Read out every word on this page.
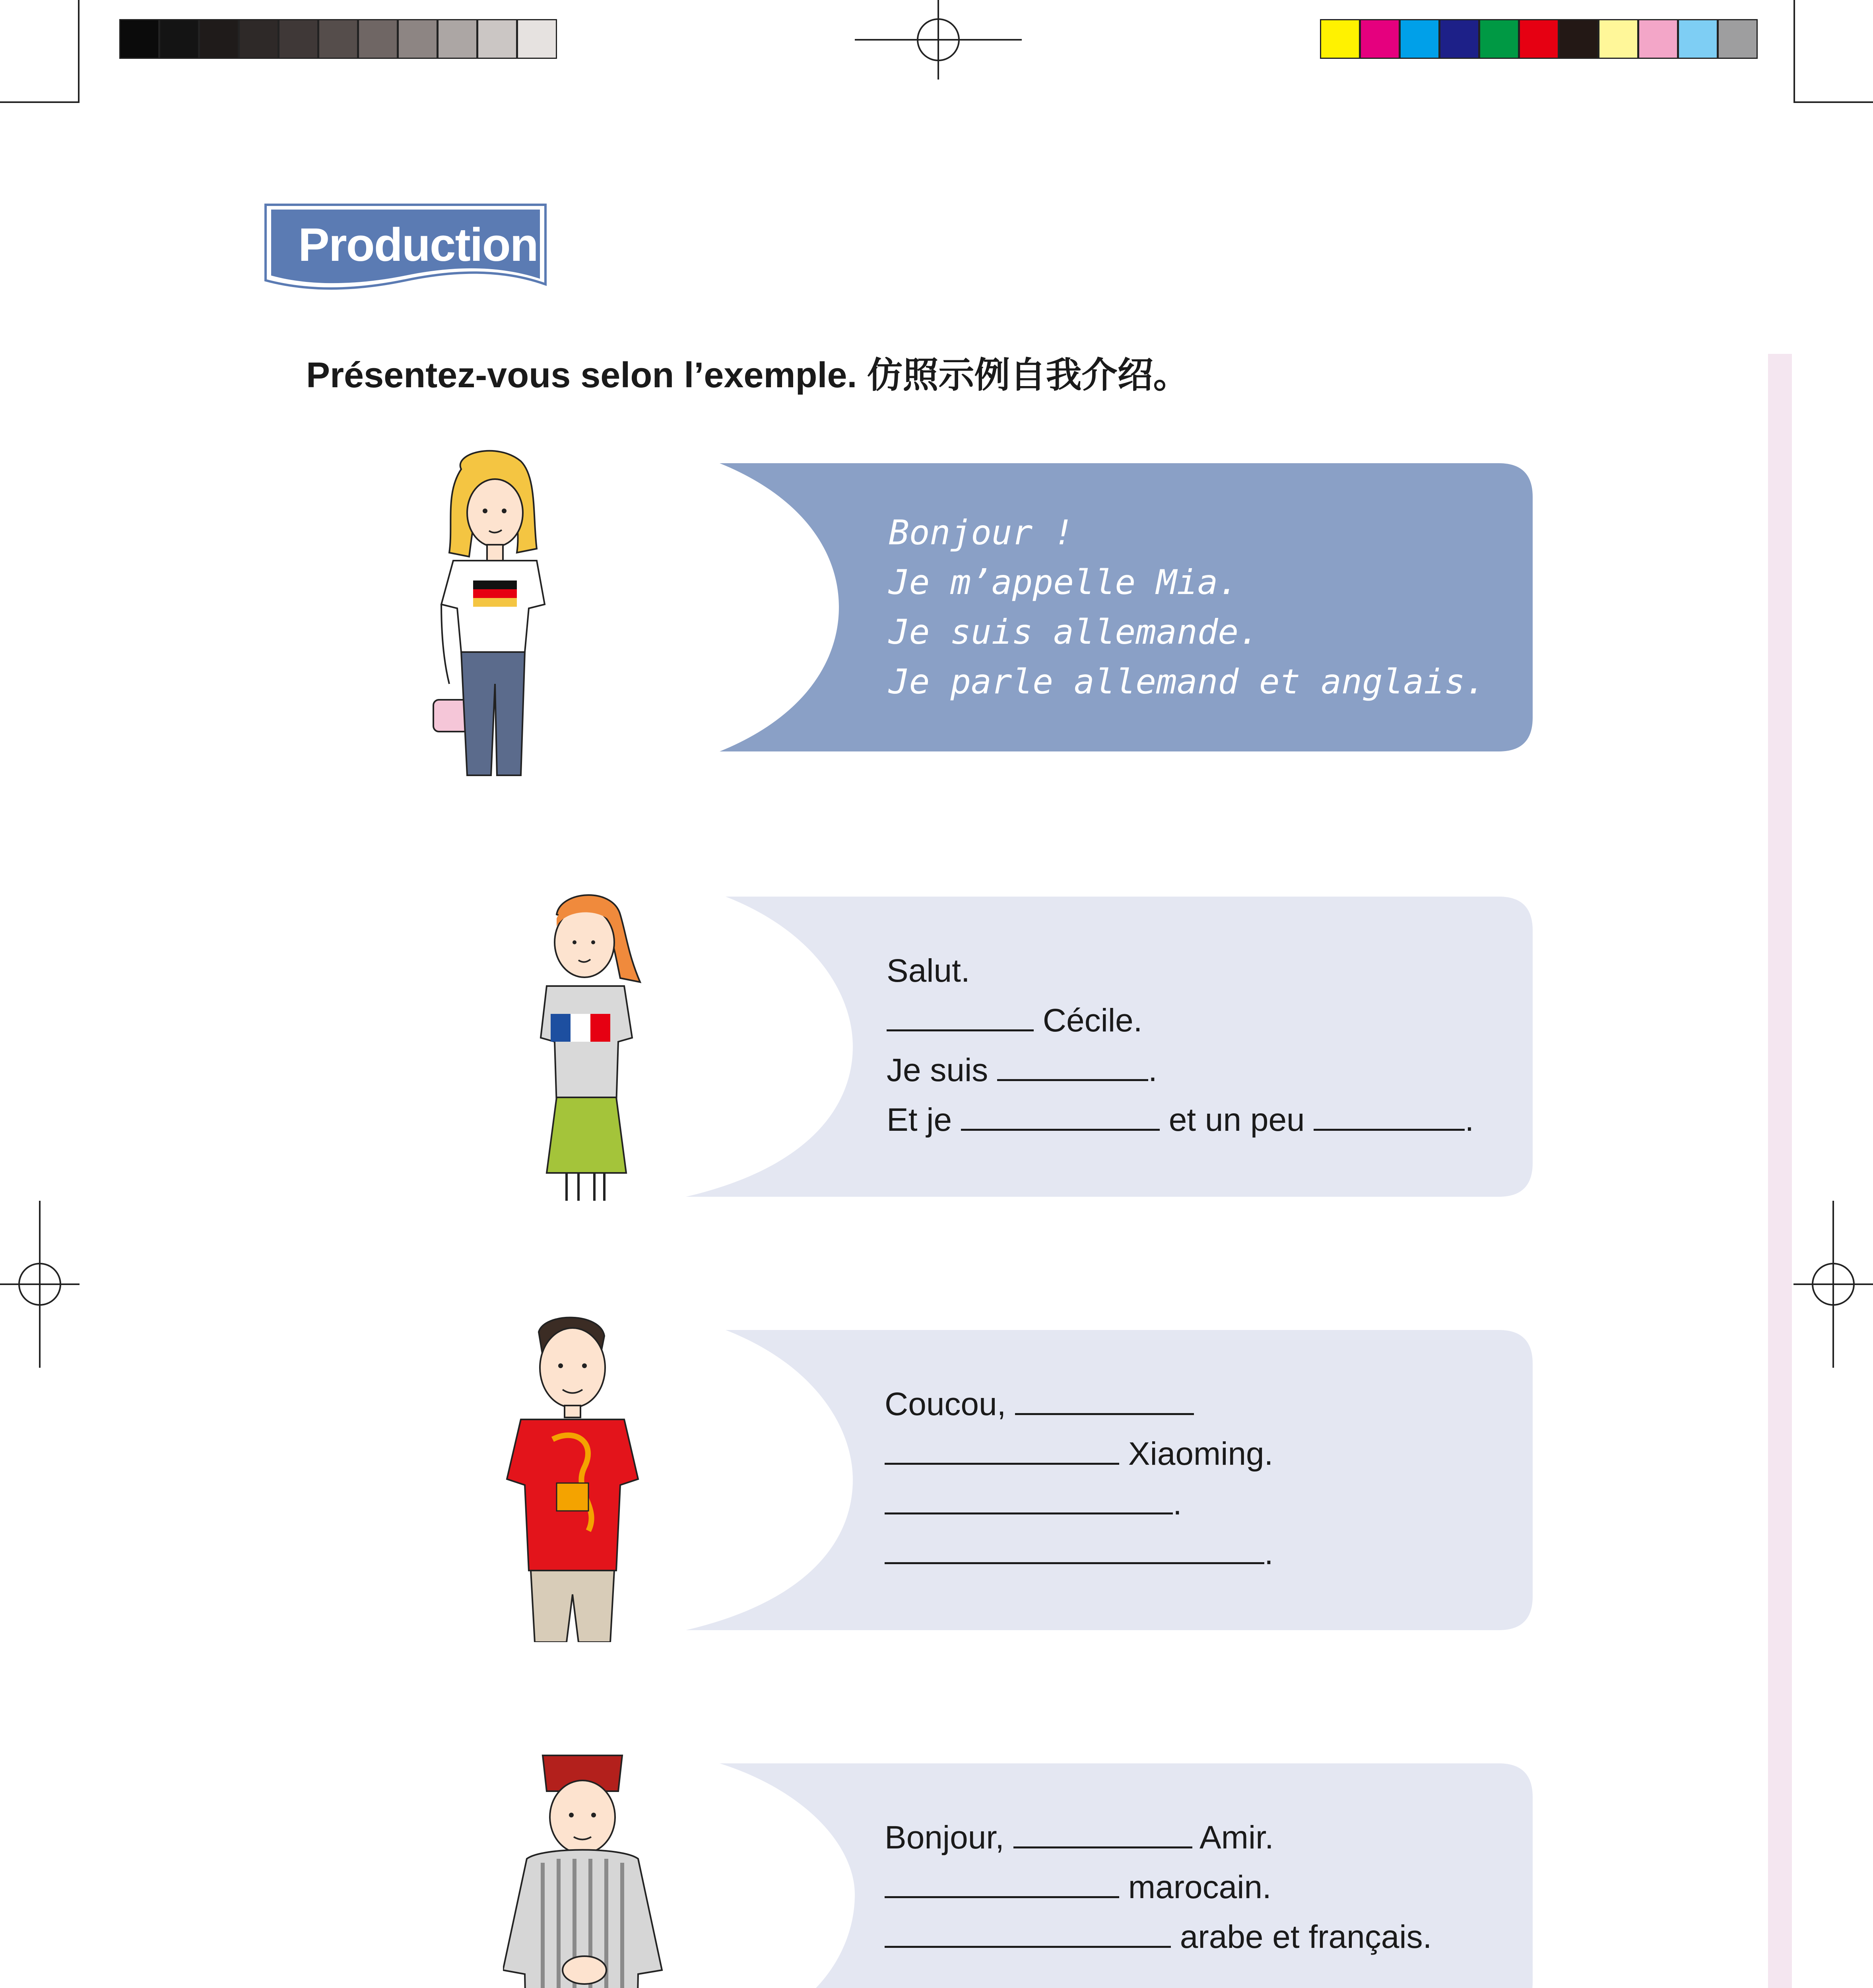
Production
Présentez-vous selon l’exemple. 仿照示例自我介绍。
Bonjour !
Je m’appelle Mia.
Je suis allemande.
Je parle allemand et anglais.
Salut.
Cécile.
Je suis	.
Et je	et un peu	.
Coucou,
Xiaoming.
.
.
Bonjour,	Amir.
marocain.
arabe et français.
